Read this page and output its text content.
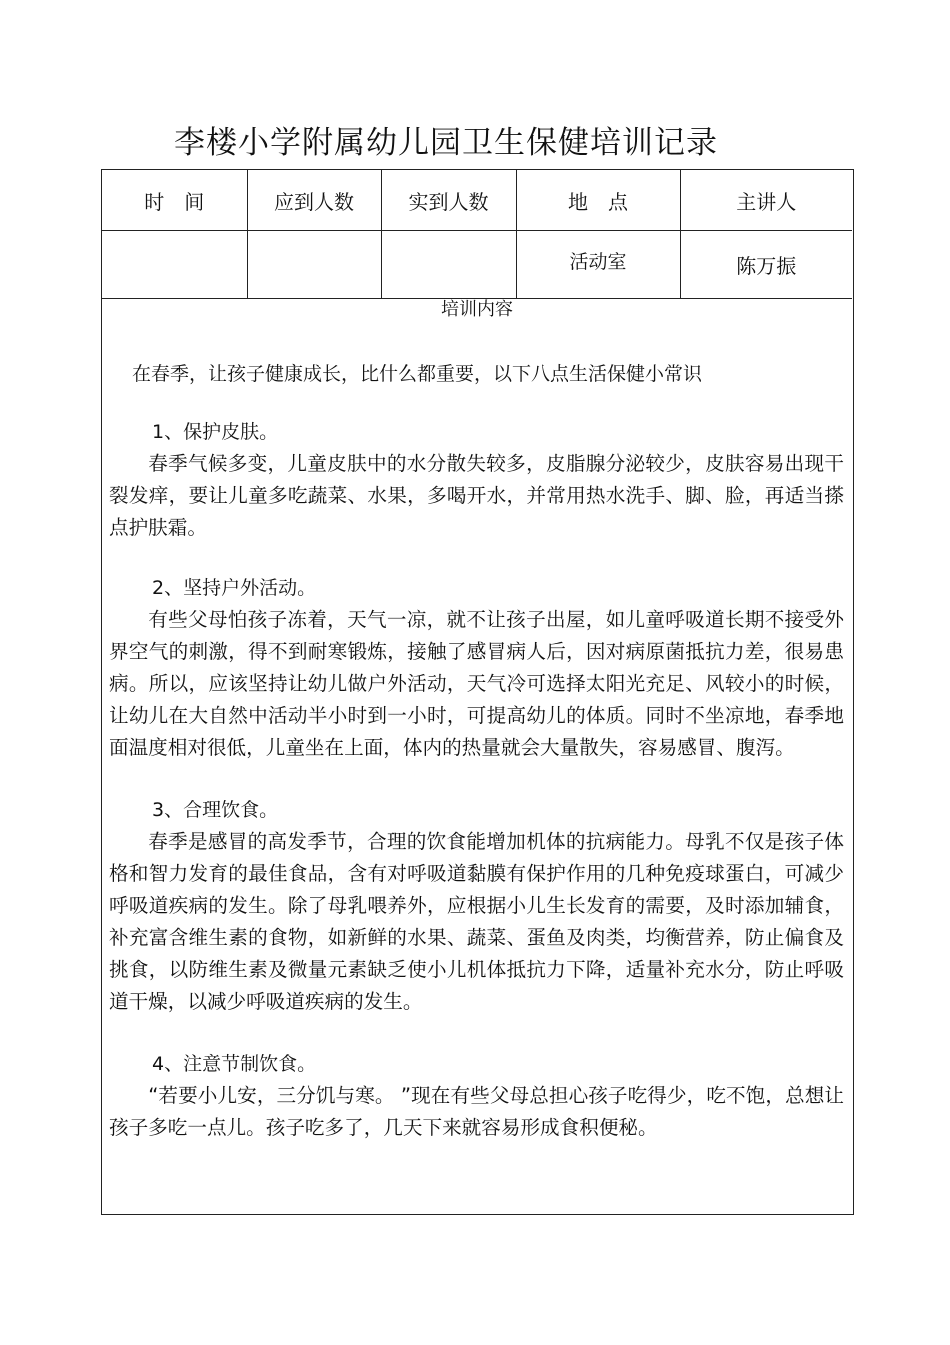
李楼小学附属幼儿园卫生保健培训记录
时　间	应到人数	实到人数	地　点	主讲人
			活动室	陈万振
培训内容
在春季，让孩子健康成长，比什么都重要，以下八点生活保健小常识
1、保护皮肤。

春季气候多变，儿童皮肤中的水分散失较多，皮脂腺分泌较少，皮肤容易出现干裂发痒，要让儿童多吃蔬菜、水果，多喝开水，并常用热水洗手、脚、脸，再适当搽点护肤霜。

2、坚持户外活动。

有些父母怕孩子冻着，天气一凉，就不让孩子出屋，如儿童呼吸道长期不接受外界空气的刺激，得不到耐寒锻炼，接触了感冒病人后，因对病原菌抵抗力差，很易患病。所以，应该坚持让幼儿做户外活动，天气冷可选择太阳光充足、风较小的时候，让幼儿在大自然中活动半小时到一小时，可提高幼儿的体质。同时不坐凉地，春季地面温度相对很低，儿童坐在上面，体内的热量就会大量散失，容易感冒、腹泻。

3、合理饮食。

春季是感冒的高发季节，合理的饮食能增加机体的抗病能力。母乳不仅是孩子体格和智力发育的最佳食品，含有对呼吸道黏膜有保护作用的几种免疫球蛋白，可减少呼吸道疾病的发生。除了母乳喂养外，应根据小儿生长发育的需要，及时添加辅食，补充富含维生素的食物，如新鲜的水果、蔬菜、蛋鱼及肉类，均衡营养，防止偏食及挑食，以防维生素及微量元素缺乏使小儿机体抵抗力下降，适量补充水分，防止呼吸道干燥，以减少呼吸道疾病的发生。

4、注意节制饮食。

“若要小儿安，三分饥与寒。 ”现在有些父母总担心孩子吃得少，吃不饱，总想让孩子多吃一点儿。孩子吃多了，几天下来就容易形成食积便秘。
